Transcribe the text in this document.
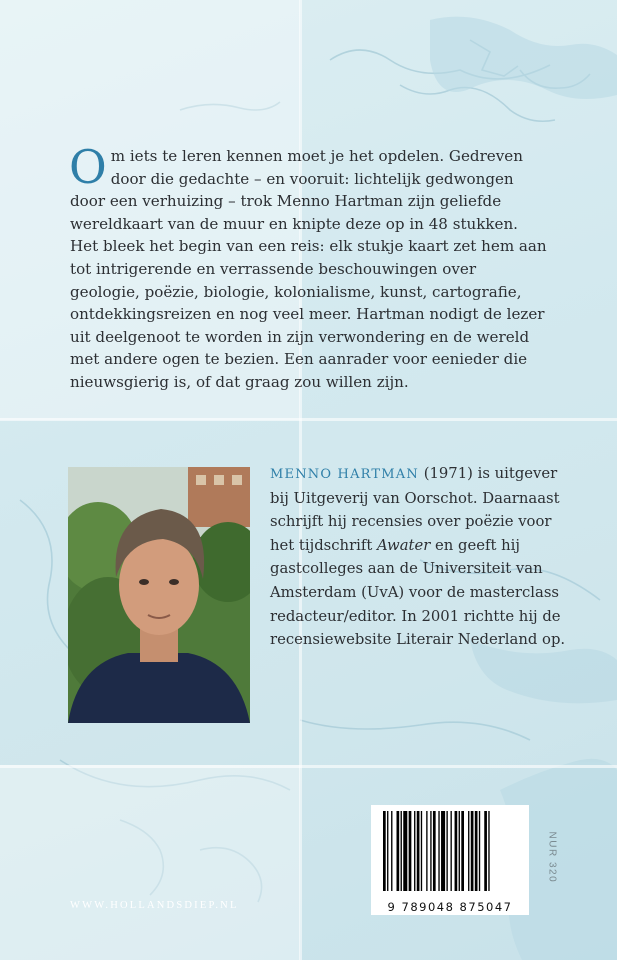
Om iets te leren kennen moet je het opdelen. Gedreven door die gedachte – en vooruit: lichtelijk gedwongen door een verhuizing – trok Menno Hartman zijn geliefde wereldkaart van de muur en knipte deze op in 48 stukken. Het bleek het begin van een reis: elk stukje kaart zet hem aan tot intrigerende en verrassende beschouwingen over geologie, poëzie, biologie, kolonialisme, kunst, cartografie, ontdekkingsreizen en nog veel meer. Hartman nodigt de lezer uit deelgenoot te worden in zijn verwondering en de wereld met andere ogen te bezien. Een aanrader voor eenieder die nieuwsgierig is, of dat graag zou willen zijn.

MENNO HARTMAN (1971) is uitgever bij Uitgeverij van Oorschot. Daarnaast schrijft hij recensies over poëzie voor het tijdschrift Awater en geeft hij gastcolleges aan de Universiteit van Amsterdam (UvA) voor de masterclass redacteur/editor. In 2001 richtte hij de recensiewebsite Literair Nederland op.

9 789048 875047
NUR 320
WWW.HOLLANDSDIEP.NL
